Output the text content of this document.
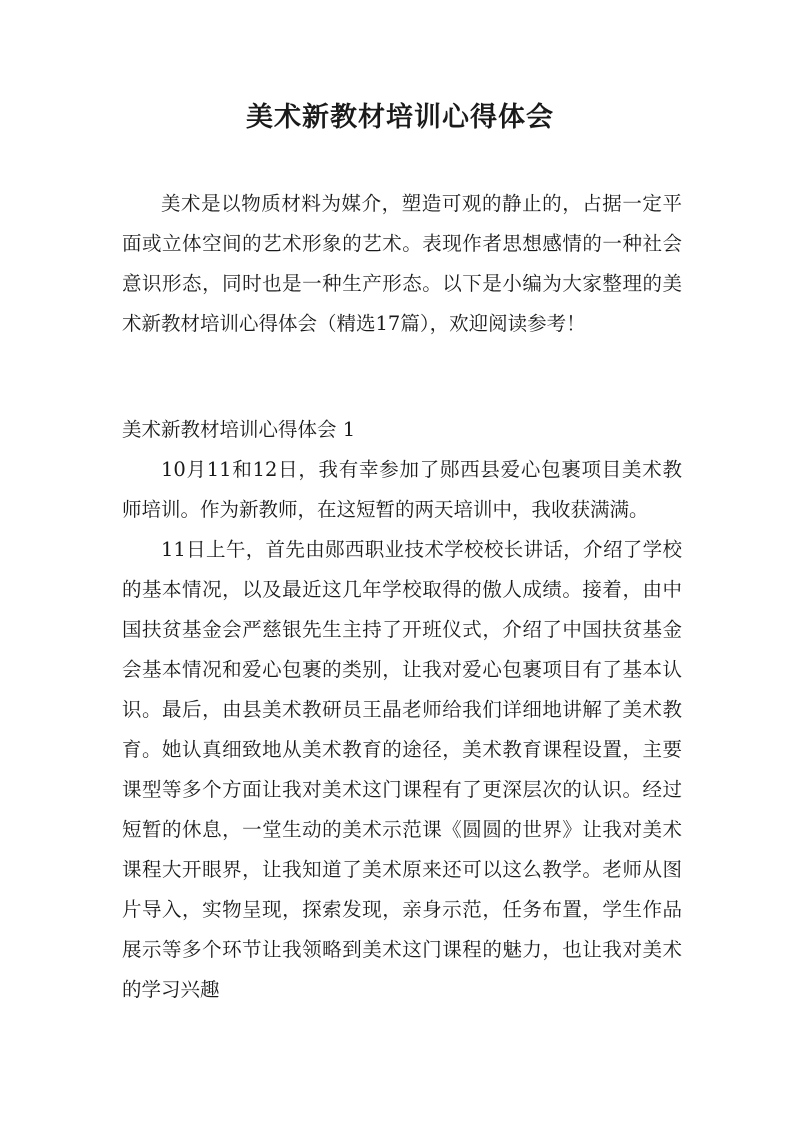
美术新教材培训心得体会

美术是以物质材料为媒介，塑造可观的静止的，占据一定平面或立体空间的艺术形象的艺术。表现作者思想感情的一种社会意识形态，同时也是一种生产形态。以下是小编为大家整理的美术新教材培训心得体会（精选17篇），欢迎阅读参考！

美术新教材培训心得体会 1

10月11和12日，我有幸参加了郧西县爱心包裹项目美术教师培训。作为新教师，在这短暂的两天培训中，我收获满满。

11日上午，首先由郧西职业技术学校校长讲话，介绍了学校的基本情况，以及最近这几年学校取得的傲人成绩。接着，由中国扶贫基金会严慈银先生主持了开班仪式，介绍了中国扶贫基金会基本情况和爱心包裹的类别，让我对爱心包裹项目有了基本认识。最后，由县美术教研员王晶老师给我们详细地讲解了美术教育。她认真细致地从美术教育的途径，美术教育课程设置，主要课型等多个方面让我对美术这门课程有了更深层次的认识。经过短暂的休息，一堂生动的美术示范课《圆圆的世界》让我对美术课程大开眼界，让我知道了美术原来还可以这么教学。老师从图片导入，实物呈现，探索发现，亲身示范，任务布置，学生作品展示等多个环节让我领略到美术这门课程的魅力，也让我对美术的学习兴趣
